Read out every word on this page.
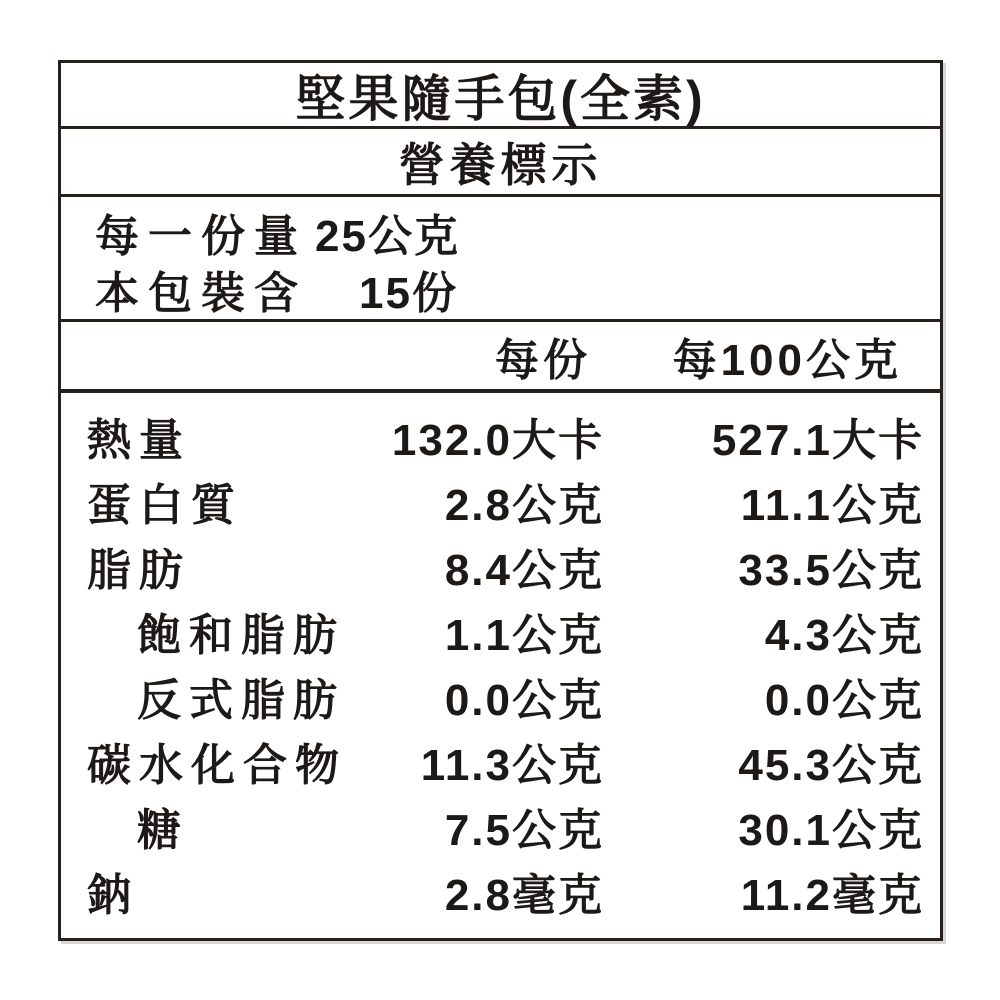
堅果隨手包(全素)
營養標示
每一份量 25公克
本包裝含 15份
每份	每100公克
熱量	132.0大卡	527.1大卡
蛋白質	2.8公克	11.1公克
脂肪	8.4公克	33.5公克
飽和脂肪	1.1公克	4.3公克
反式脂肪	0.0公克	0.0公克
碳水化合物	11.3公克	45.3公克
糖	7.5公克	30.1公克
鈉	2.8毫克	11.2毫克
